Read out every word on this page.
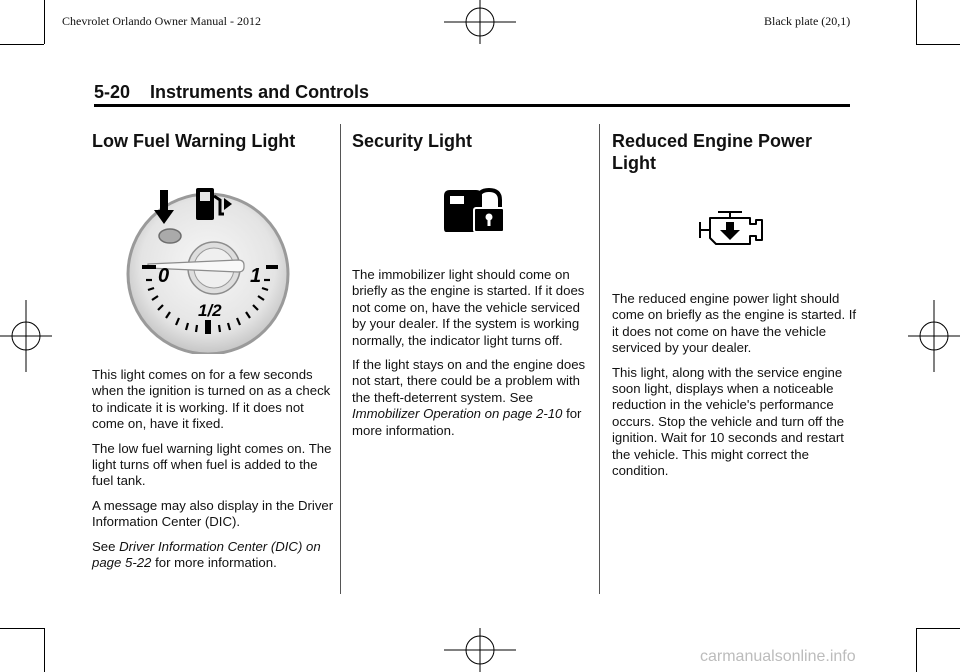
Chevrolet Orlando Owner Manual - 2012	Black plate (20,1)
5-20 Instruments and Controls
Low Fuel Warning Light
0	1
1/2

This light comes on for a few seconds when the ignition is turned on as a check to indicate it is working. If it does not come on, have it fixed.

The low fuel warning light comes on. The light turns off when fuel is added to the fuel tank.

A message may also display in the Driver Information Center (DIC).

See Driver Information Center (DIC) on page 5-22 for more information.

Security Light

The immobilizer light should come on briefly as the engine is started. If it does not come on, have the vehicle serviced by your dealer. If the system is working normally, the indicator light turns off.

If the light stays on and the engine does not start, there could be a problem with the theft-deterrent system. See Immobilizer Operation on page 2-10 for more information.

Reduced Engine Power
Light

The reduced engine power light should come on briefly as the engine is started. If it does not come on have the vehicle serviced by your dealer.

This light, along with the service engine soon light, displays when a noticeable reduction in the vehicle's performance occurs. Stop the vehicle and turn off the ignition. Wait for 10 seconds and restart the vehicle. This might correct the condition.

carmanualsonline.info
